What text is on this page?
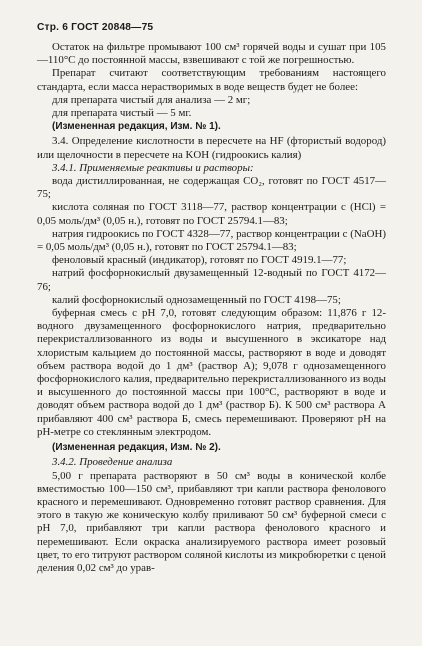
Стр. 6 ГОСТ 20848—75

Остаток на фильтре промывают 100 см³ горячей воды и сушат при 105—110°С до постоянной массы, взвешивают с той же погрешностью.

Препарат считают соответствующим требованиям настоящего стандарта, если масса нерастворимых в воде веществ будет не более:

для препарата чистый для анализа — 2 мг;

для препарата чистый — 5 мг.

(Измененная редакция, Изм. № 1).

3.4. Определение кислотности в пересчете на HF (фтористый водород) или щелочности в пересчете на KOH (гидроокись калия)

3.4.1. Применяемые реактивы и растворы:

вода дистиллированная, не содержащая CO₂, готовят по ГОСТ 4517—75;

кислота соляная по ГОСТ 3118—77, раствор концентрации с (HCl) = 0,05 моль/дм³ (0,05 н.), готовят по ГОСТ 25794.1—83;

натрия гидроокись по ГОСТ 4328—77, раствор концентрации с (NaOH) = 0,05 моль/дм³ (0,05 н.), готовят по ГОСТ 25794.1—83;

феноловый красный (индикатор), готовят по ГОСТ 4919.1—77;

натрий фосфорнокислый двузамещенный 12-водный по ГОСТ 4172—76;

калий фосфорнокислый однозамещенный по ГОСТ 4198—75;

буферная смесь с рН 7,0, готовят следующим образом: 11,876 г 12-водного двузамещенного фосфорнокислого натрия, предварительно перекристаллизованного из воды и высушенного в эксикаторе над хлористым кальцием до постоянной массы, растворяют в воде и доводят объем раствора водой до 1 дм³ (раствор А); 9,078 г однозамещенного фосфорнокислого калия, предварительно перекристаллизованного из воды и высушенного до постоянной массы при 100°С, растворяют в воде и доводят объем раствора водой до 1 дм³ (раствор Б). К 500 см³ раствора А прибавляют 400 см³ раствора Б, смесь перемешивают. Проверяют рН на рН-метре со стеклянным электродом.

(Измененная редакция, Изм. № 2).

3.4.2. Проведение анализа

5,00 г препарата растворяют в 50 см³ воды в конической колбе вместимостью 100—150 см³, прибавляют три капли раствора фенолового красного и перемешивают. Одновременно готовят раствор сравнения. Для этого в такую же коническую колбу приливают 50 см³ буферной смеси с рН 7,0, прибавляют три капли раствора фенолового красного и перемешивают. Если окраска анализируемого раствора имеет розовый цвет, то его титруют раствором соляной кислоты из микробюретки с ценой деления 0,02 см³ до урав-
